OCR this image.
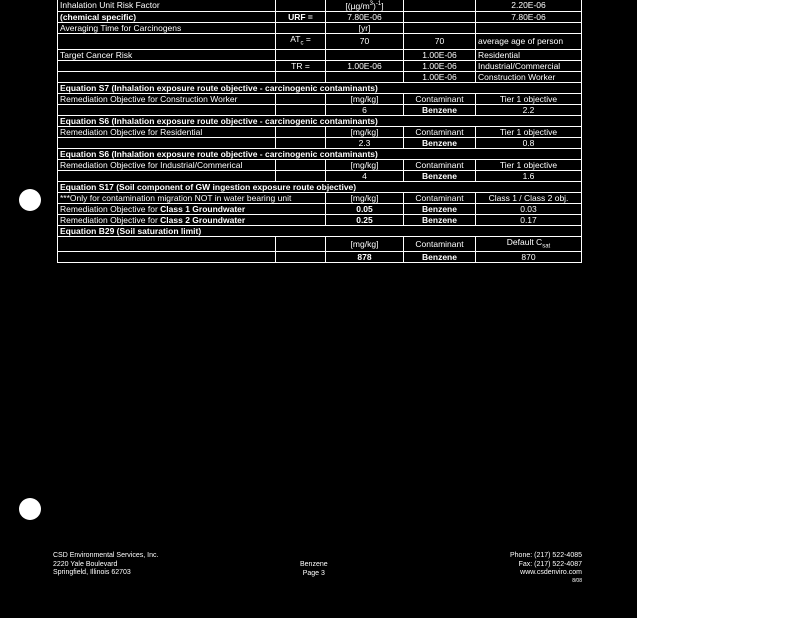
Inhalation Unit Risk Factor		$[(\mu g/m^3)^{-1}]$		2.20E-06
(chemical specific)	URF =	7.80E-06		7.80E-06
Averaging Time for Carcinogens		[yr]		
	$AT_c$ =	70	70	average age of person
Target Cancer Risk			1.00E-06	Residential
	TR =	1.00E-06	1.00E-06	Industrial/Commercial
			1.00E-06	Construction Worker
Equation S7 (Inhalation exposure route objective - carcinogenic contaminants)				
Remediation Objective for Construction Worker		[mg/kg]	Contaminant	Tier 1 objective
		6	Benzene	2.2
Equation S6 (Inhalation exposure route objective - carcinogenic contaminants)				
Remediation Objective for Residential		[mg/kg]	Contaminant	Tier 1 objective
		2.3	Benzene	0.8
Equation S6 (Inhalation exposure route objective - carcinogenic contaminants)				
Remediation Objective for Industrial/Commerical		[mg/kg]	Contaminant	Tier 1 objective
		4	Benzene	1.6
Equation S17 (Soil component of GW ingestion exposure route objective)				
***Only for contamination migration NOT in water bearing unit		[mg/kg]	Contaminant	Class 1 / Class 2 obj.
Remediation Objective for Class 1 Groundwater		0.05	Benzene	0.03
Remediation Objective for Class 2 Groundwater		0.25	Benzene	0.17
Equation B29 (Soil saturation limit)				
		[mg/kg]	Contaminant	Default $C_{sat}$
		878	Benzene	870
CSD Environmental Services, Inc.
2220 Yale Boulevard
Springfield, Illinois 62703
Benzene
Page 3
Phone: (217) 522-4085
Fax: (217) 522-4087
www.csdenviro.com
8/08
